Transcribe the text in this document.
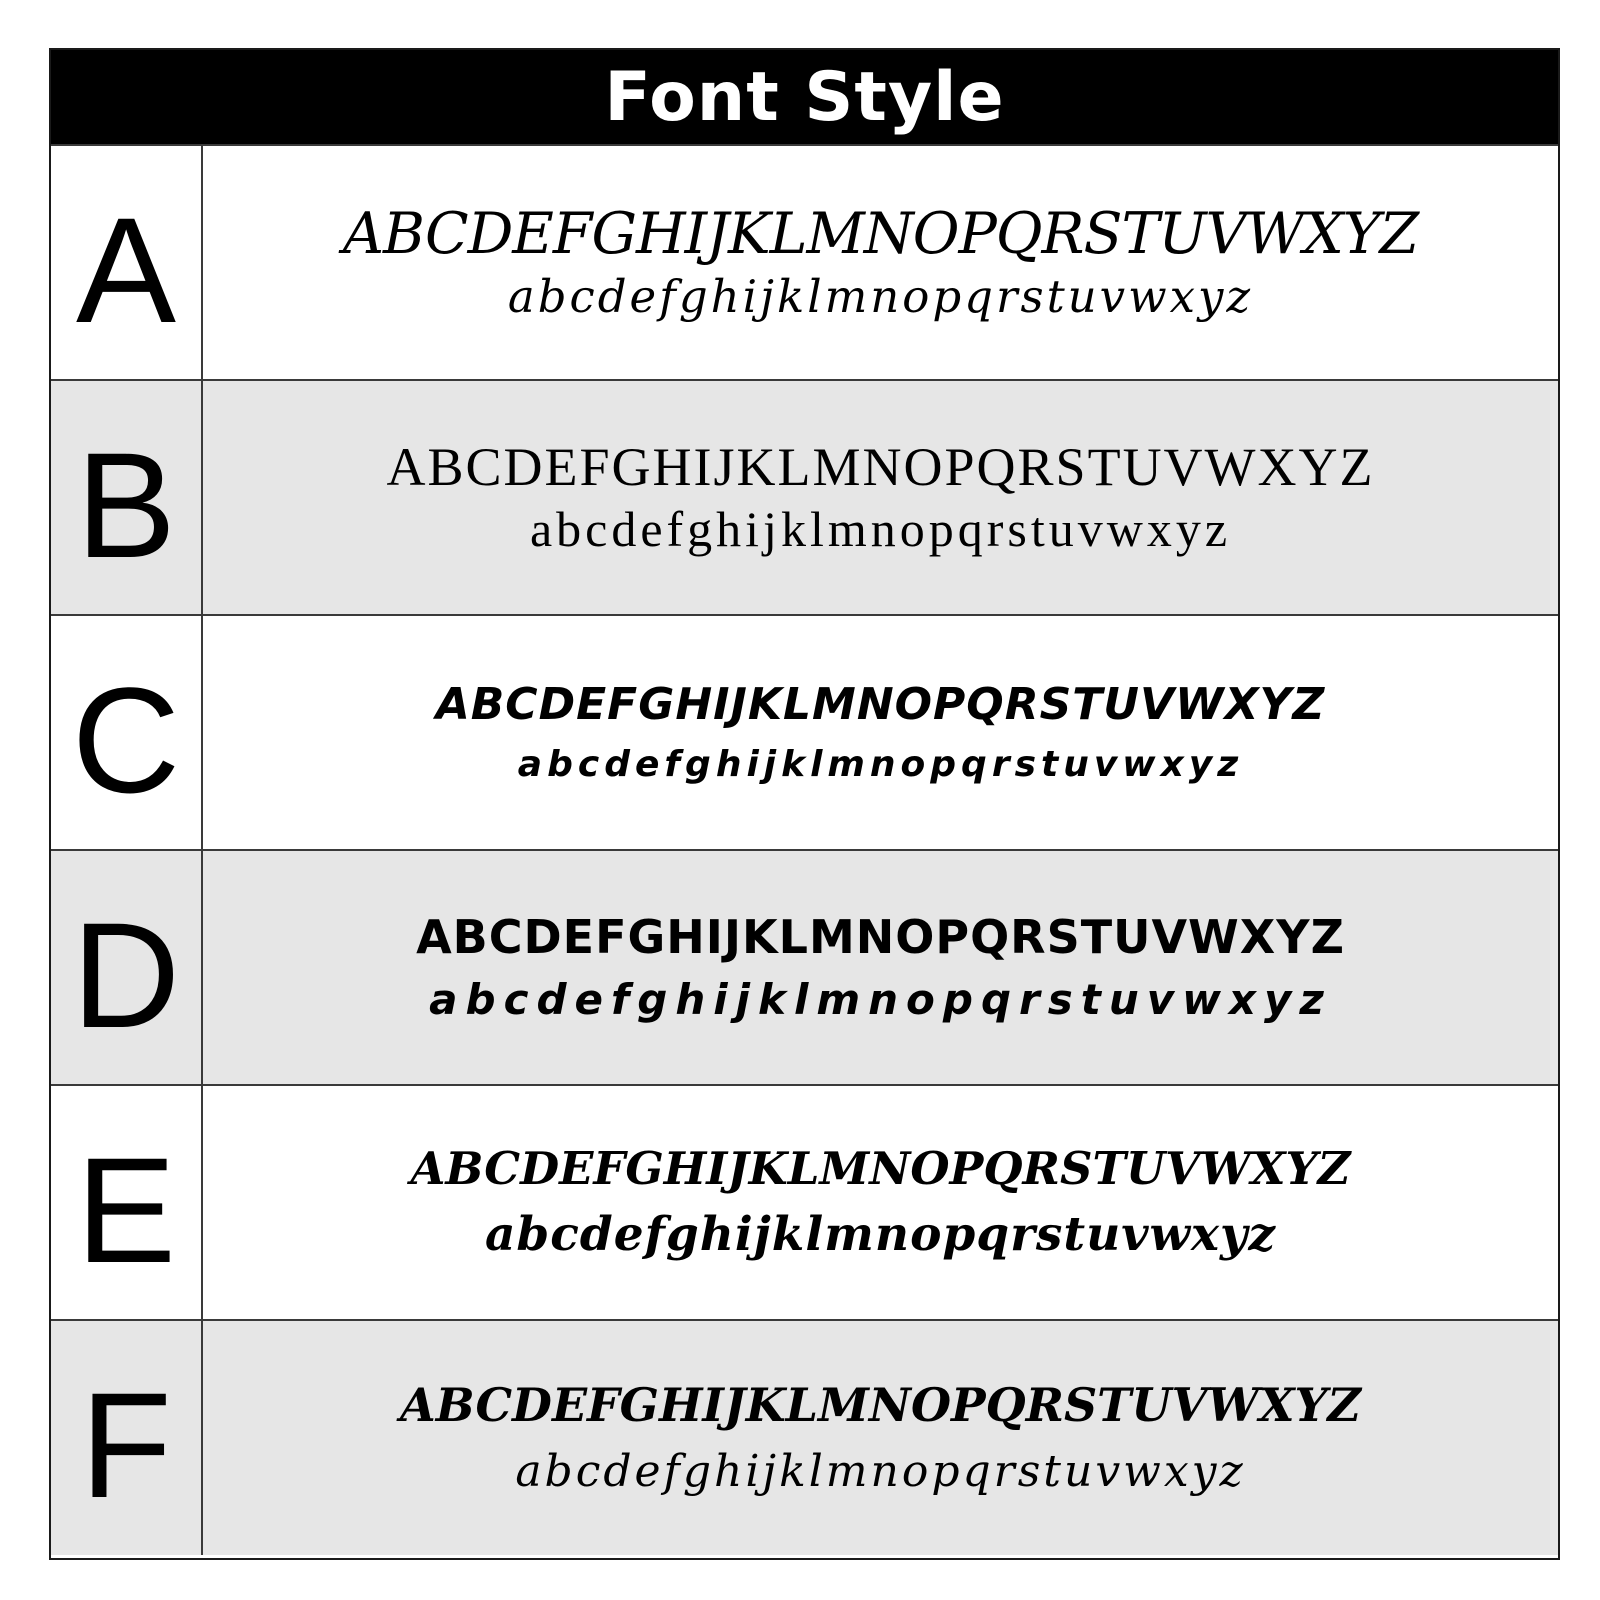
Font Style
A	ABCDEFGHIJKLMNOPQRSTUVWXYZ
abcdefghijklmnopqrstuvwxyz
B	ABCDEFGHIJKLMNOPQRSTUVWXYZ
abcdefghijklmnopqrstuvwxyz
C	ABCDEFGHIJKLMNOPQRSTUVWXYZ
abcdefghijklmnopqrstuvwxyz
D	ABCDEFGHIJKLMNOPQRSTUVWXYZ
abcdefghijklmnopqrstuvwxyz
E	ABCDEFGHIJKLMNOPQRSTUVWXYZ
abcdefghijklmnopqrstuvwxyz
F	ABCDEFGHIJKLMNOPQRSTUVWXYZ
abcdefghijklmnopqrstuvwxyz
